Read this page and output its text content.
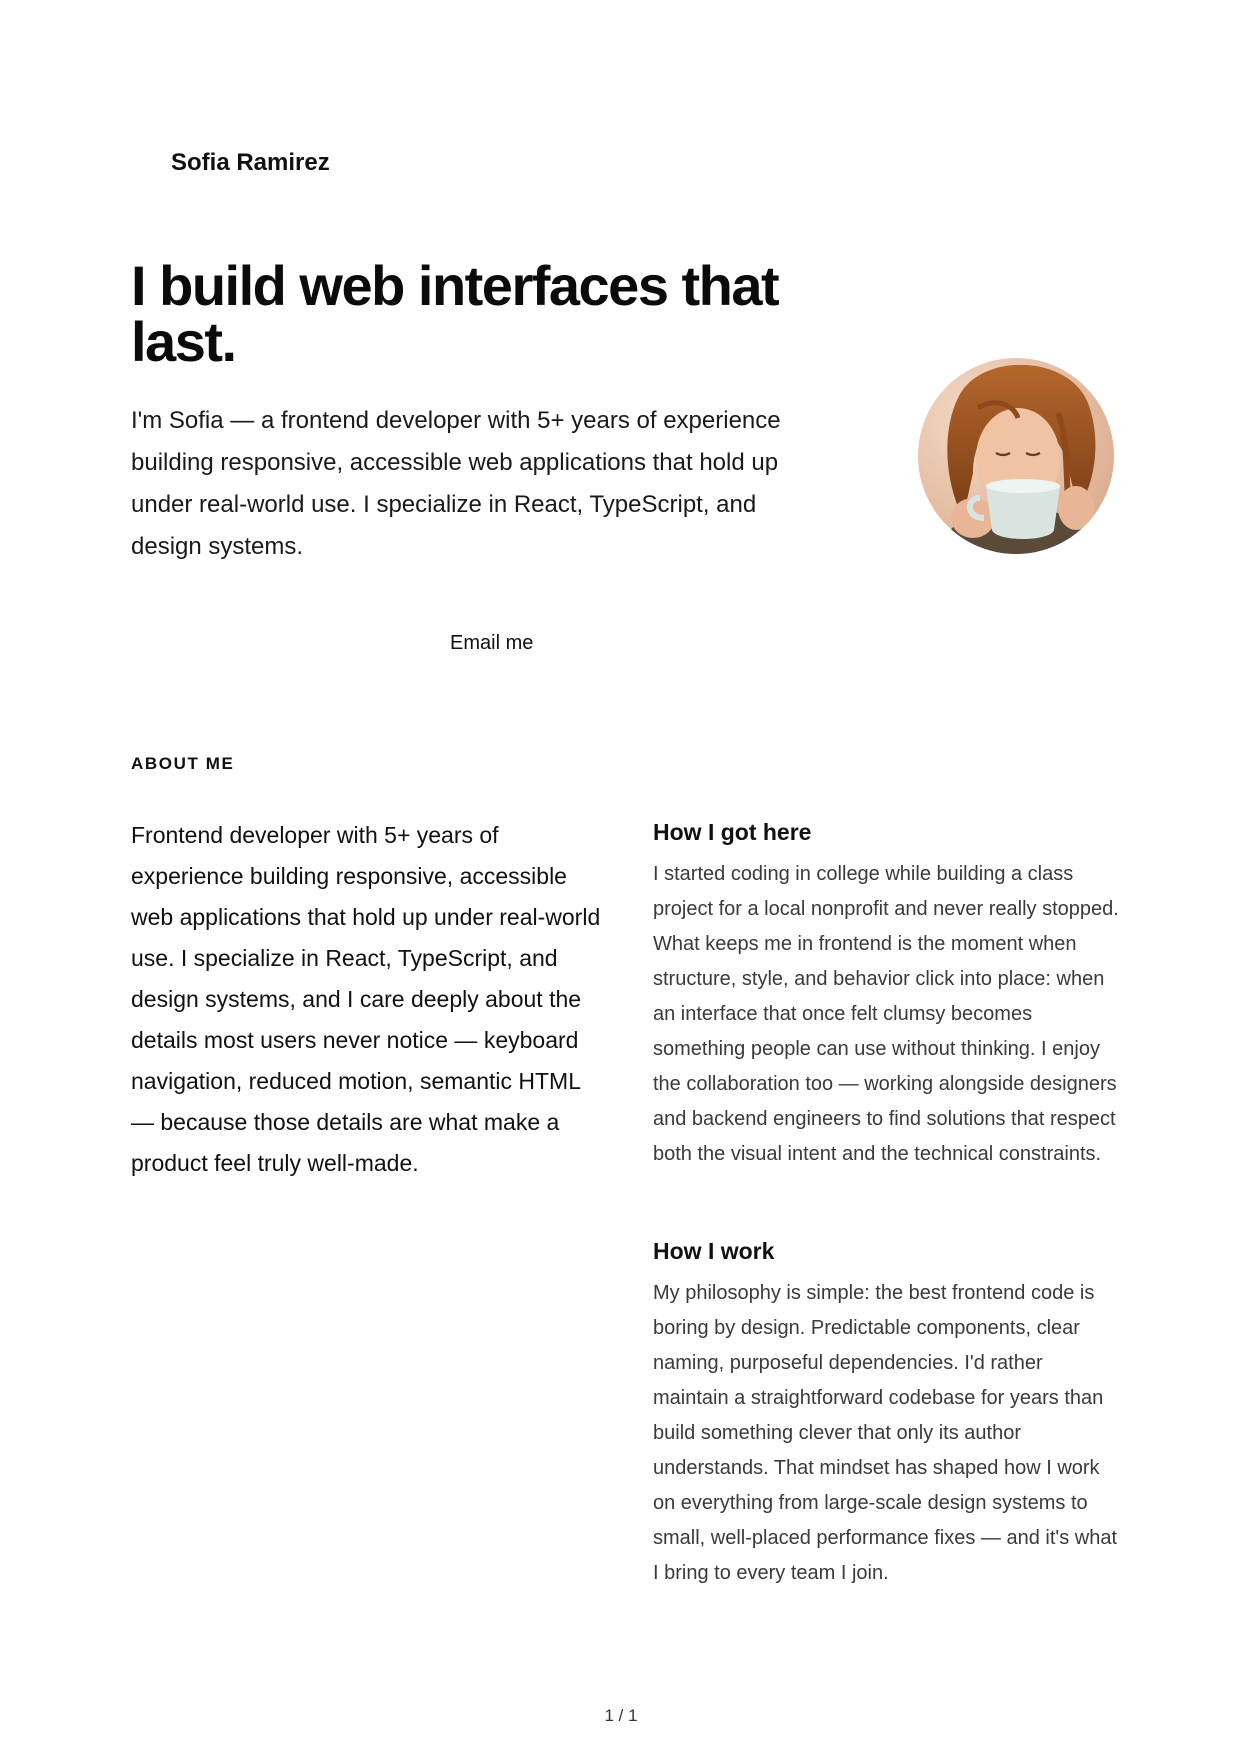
Sofia Ramirez
I build web interfaces that last.

I'm Sofia — a frontend developer with 5+ years of experience building responsive, accessible web applications that hold up under real-world use. I specialize in React, TypeScript, and design systems.

Email me
ABOUT ME

Frontend developer with 5+ years of experience building responsive, accessible web applications that hold up under real-world use. I specialize in React, TypeScript, and design systems, and I care deeply about the details most users never notice — keyboard navigation, reduced motion, semantic HTML — because those details are what make a product feel truly well-made.

How I got here

I started coding in college while building a class project for a local nonprofit and never really stopped. What keeps me in frontend is the moment when structure, style, and behavior click into place: when an interface that once felt clumsy becomes something people can use without thinking. I enjoy the collaboration too — working alongside designers and backend engineers to find solutions that respect both the visual intent and the technical constraints.

How I work

My philosophy is simple: the best frontend code is boring by design. Predictable components, clear naming, purposeful dependencies. I'd rather maintain a straightforward codebase for years than build something clever that only its author understands. That mindset has shaped how I work on everything from large-scale design systems to small, well-placed performance fixes — and it's what I bring to every team I join.

1 / 1
